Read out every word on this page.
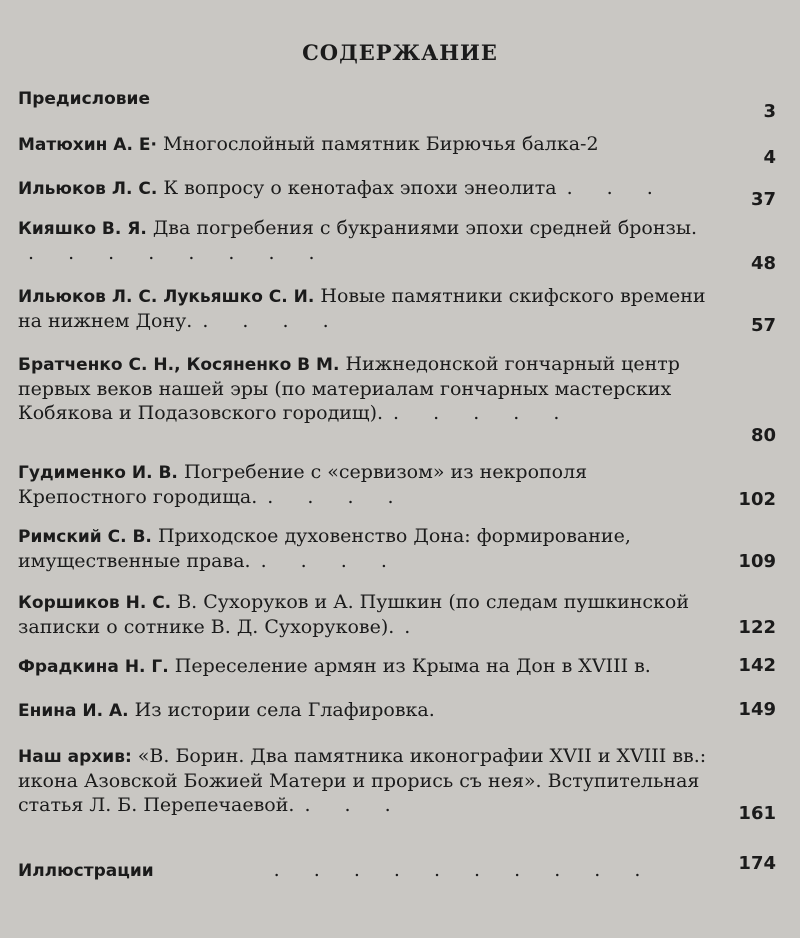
СОДЕРЖАНИЕ
Предисловие
3
Матюхин А. Е· Многослойный памятник Бирючья балка-2
4
Ильюков Л. С. К вопросу о кенотафах эпохи энеолита . . .
37
Кияшко В. Я. Два погребения с букраниями эпохи средней бронзы.. . . . . . . .	48
Ильюков Л. С. Лукьяшко С. И. Новые памятники скифского времени на нижнем Дону. . . . .	57
Братченко С. Н., Косяненко В М. Нижнедонской гончарный центр первых веков нашей эры (по материалам гончарных мастерских Кобякова и Подазовского городищ). . . . . .
80
Гудименко И. В. Погребение с «сервизом» из некрополя Крепостного городища. . . . .	102
Римский С. В. Приходское духовенство Дона: формирование, имущественные права. . . . .	109
Коршиков Н. С. В. Сухоруков и А. Пушкин (по следам пушкинской записки о сотнике В. Д. Сухорукове). .	122
Фрадкина Н. Г. Переселение армян из Крыма на Дон в XVIII в.	142
Енина И. А. Из истории села Глафировка.	149
Наш архив: «В. Борин. Два памятника иконографии XVII и XVIII вв.: икона Азовской Божией Матери и прорись съ нея». Вступительная статья Л. Б. Перепечаевой. . . .	161
Иллюстрации	. . . . . . . . . .	174
